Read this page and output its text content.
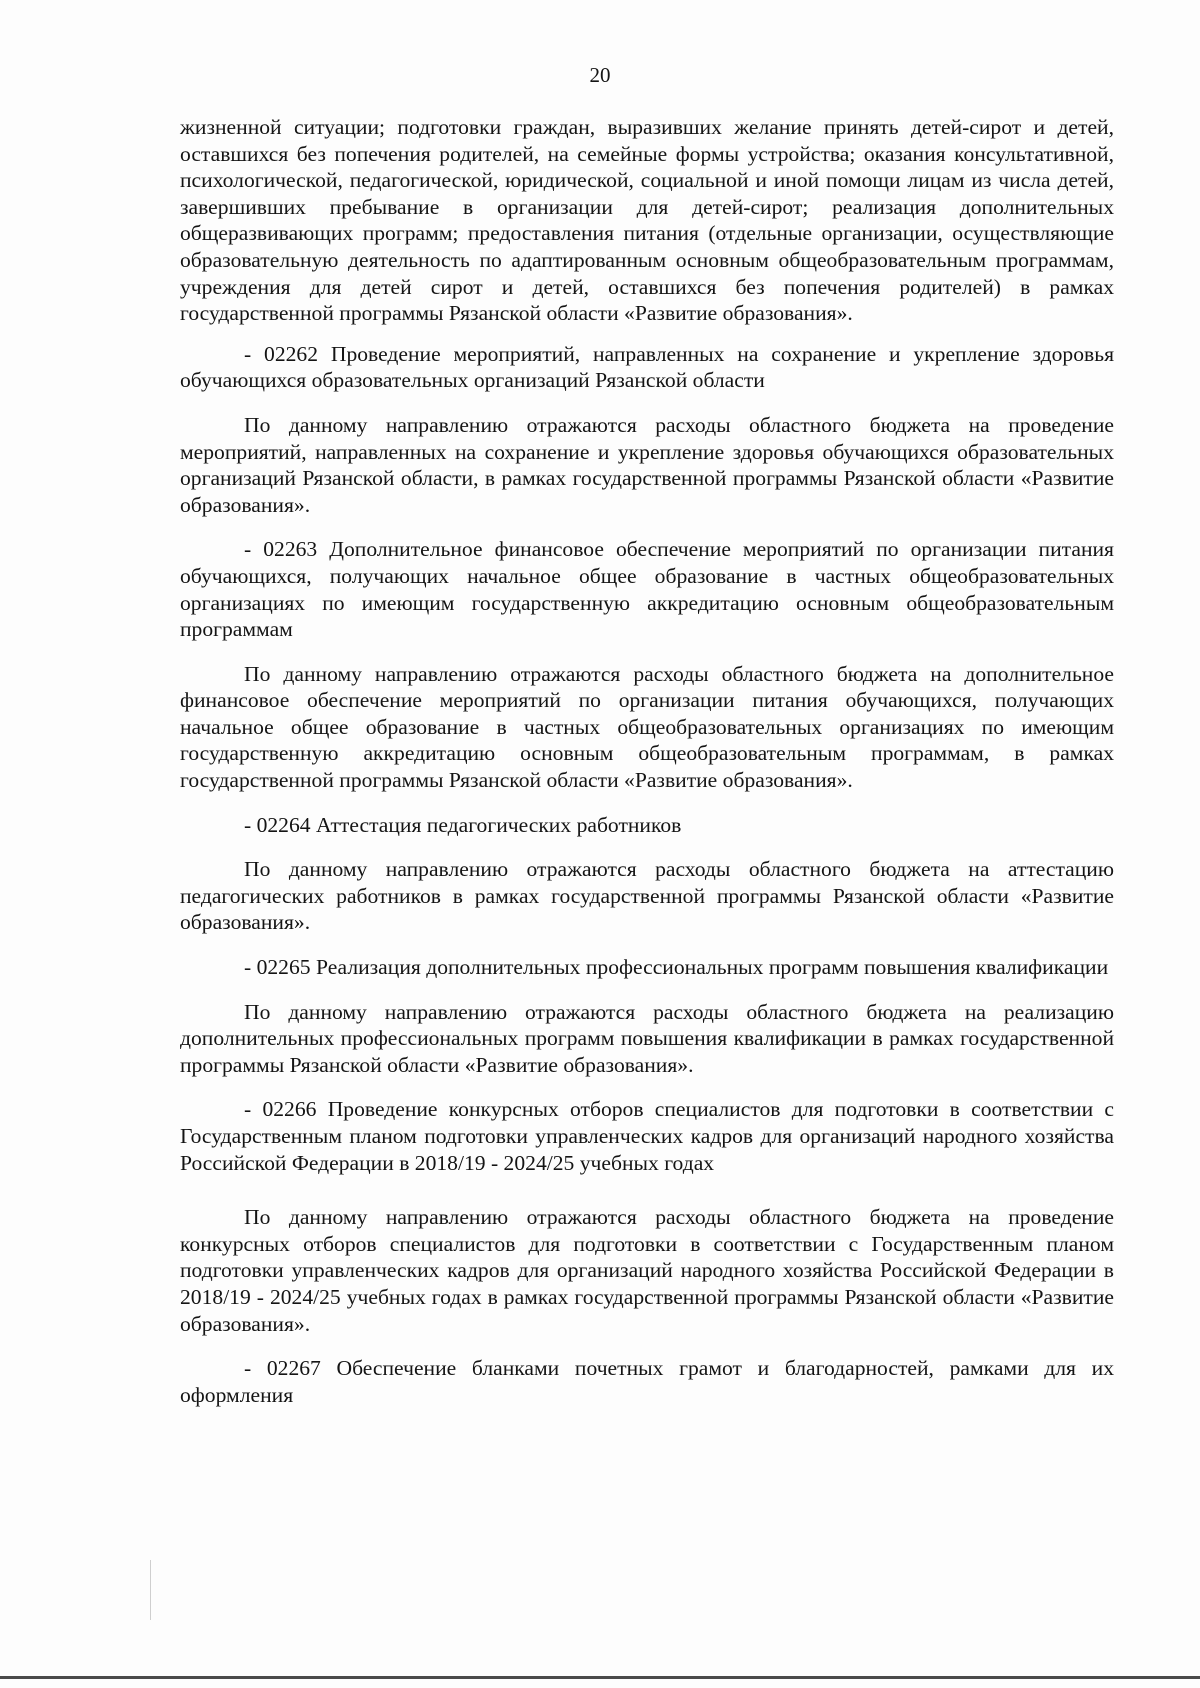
20

жизненной ситуации; подготовки граждан, выразивших желание принять детей-сирот и детей, оставшихся без попечения родителей, на семейные формы устройства; оказания консультативной, психологической, педагогической, юридической, социальной и иной помощи лицам из числа детей, завершивших пребывание в организации для детей-сирот; реализация дополнительных общеразвивающих программ; предоставления питания (отдельные организации, осуществляющие образовательную деятельность по адаптированным основным общеобразовательным программам, учреждения для детей сирот и детей, оставшихся без попечения родителей) в рамках государственной программы Рязанской области «Развитие образования».

- 02262 Проведение мероприятий, направленных на сохранение и укрепление здоровья обучающихся образовательных организаций Рязанской области

По данному направлению отражаются расходы областного бюджета на проведение мероприятий, направленных на сохранение и укрепление здоровья обучающихся образовательных организаций Рязанской области, в рамках государственной программы Рязанской области «Развитие образования».

- 02263 Дополнительное финансовое обеспечение мероприятий по организации питания обучающихся, получающих начальное общее образование в частных общеобразовательных организациях по имеющим государственную аккредитацию основным общеобразовательным программам

По данному направлению отражаются расходы областного бюджета на дополнительное финансовое обеспечение мероприятий по организации питания обучающихся, получающих начальное общее образование в частных общеобразовательных организациях по имеющим государственную аккредитацию основным общеобразовательным программам, в рамках государственной программы Рязанской области «Развитие образования».

- 02264 Аттестация педагогических работников

По данному направлению отражаются расходы областного бюджета на аттестацию педагогических работников в рамках государственной программы Рязанской области «Развитие образования».

- 02265 Реализация дополнительных профессиональных программ повышения квалификации

По данному направлению отражаются расходы областного бюджета на реализацию дополнительных профессиональных программ повышения квалификации в рамках государственной программы Рязанской области «Развитие образования».

- 02266 Проведение конкурсных отборов специалистов для подготовки в соответствии с Государственным планом подготовки управленческих кадров для организаций народного хозяйства Российской Федерации в 2018/19 - 2024/25 учебных годах

По данному направлению отражаются расходы областного бюджета на проведение конкурсных отборов специалистов для подготовки в соответствии с Государственным планом подготовки управленческих кадров для организаций народного хозяйства Российской Федерации в 2018/19 - 2024/25 учебных годах в рамках государственной программы Рязанской области «Развитие образования».

- 02267 Обеспечение бланками почетных грамот и благодарностей, рамками для их оформления
